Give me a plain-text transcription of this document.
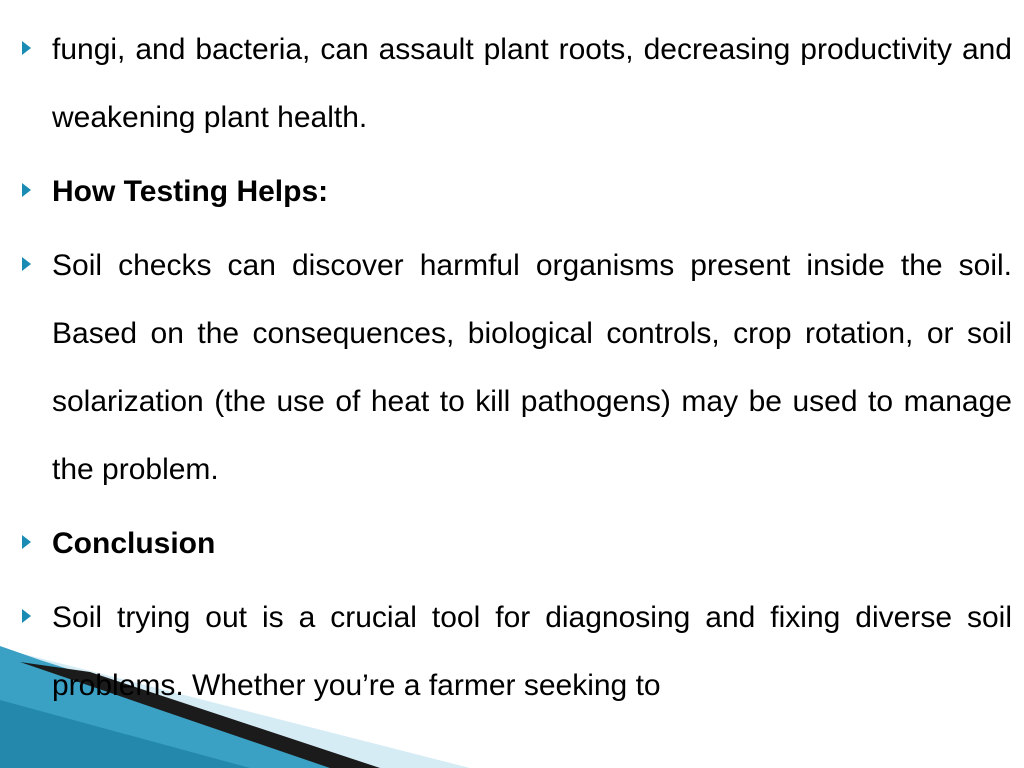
fungi, and bacteria, can assault plant roots, decreasing productivity and weakening plant health.
How Testing Helps:
Soil checks can discover harmful organisms present inside the soil. Based on the consequences, biological controls, crop rotation, or soil solarization (the use of heat to kill pathogens) may be used to manage the problem.
Conclusion
Soil trying out is a crucial tool for diagnosing and fixing diverse soil problems. Whether you’re a farmer seeking to
